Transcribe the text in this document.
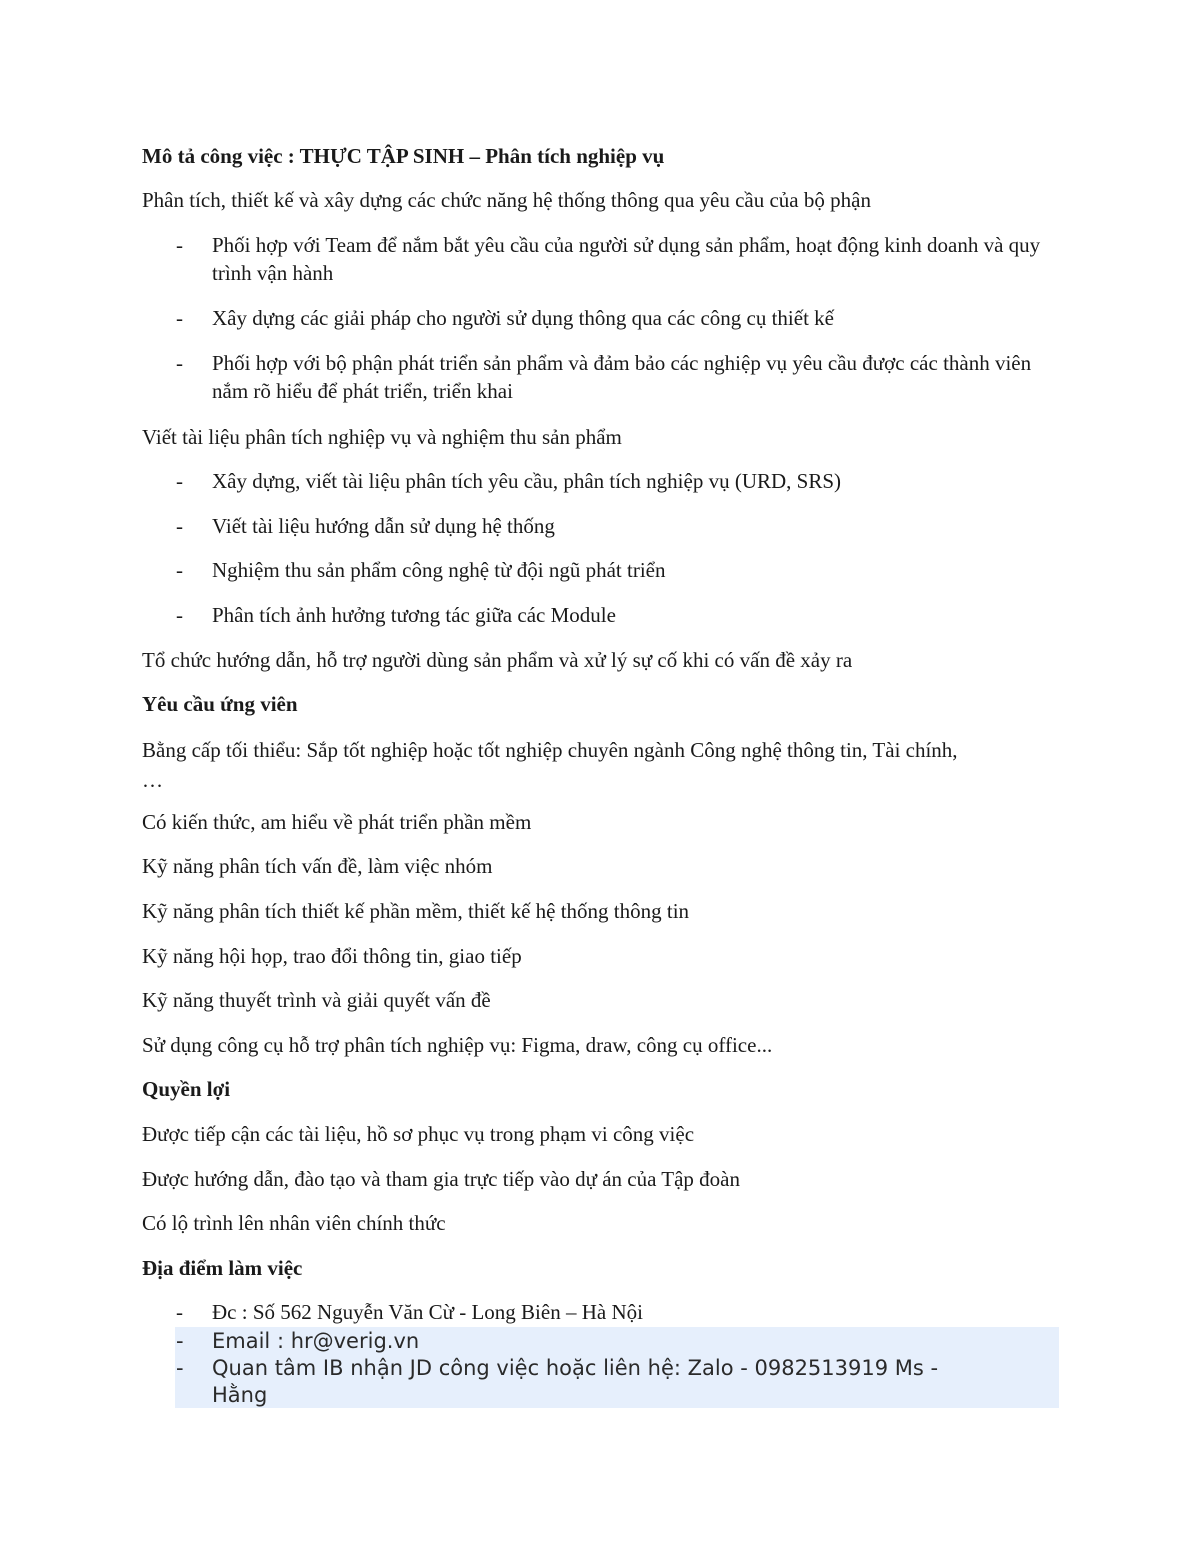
Mô tả công việc : THỰC TẬP SINH – Phân tích nghiệp vụ
Phân tích, thiết kế và xây dựng các chức năng hệ thống thông qua yêu cầu của bộ phận
- Phối hợp với Team để nắm bắt yêu cầu của người sử dụng sản phẩm, hoạt động kinh doanh và quy trình vận hành
- Xây dựng các giải pháp cho người sử dụng thông qua các công cụ thiết kế
- Phối hợp với bộ phận phát triển sản phẩm và đảm bảo các nghiệp vụ yêu cầu được các thành viên nắm rõ hiểu để phát triển, triển khai
Viết tài liệu phân tích nghiệp vụ và nghiệm thu sản phẩm
- Xây dựng, viết tài liệu phân tích yêu cầu, phân tích nghiệp vụ (URD, SRS)
- Viết tài liệu hướng dẫn sử dụng hệ thống
- Nghiệm thu sản phẩm công nghệ từ đội ngũ phát triển
- Phân tích ảnh hưởng tương tác giữa các Module
Tổ chức hướng dẫn, hỗ trợ người dùng sản phẩm và xử lý sự cố khi có vấn đề xảy ra
Yêu cầu ứng viên
Bằng cấp tối thiểu: Sắp tốt nghiệp hoặc tốt nghiệp chuyên ngành Công nghệ thông tin, Tài chính,
…
Có kiến thức, am hiểu về phát triển phần mềm
Kỹ năng phân tích vấn đề, làm việc nhóm
Kỹ năng phân tích thiết kế phần mềm, thiết kế hệ thống thông tin
Kỹ năng hội họp, trao đổi thông tin, giao tiếp
Kỹ năng thuyết trình và giải quyết vấn đề
Sử dụng công cụ hỗ trợ phân tích nghiệp vụ: Figma, draw, công cụ office...
Quyền lợi
Được tiếp cận các tài liệu, hồ sơ phục vụ trong phạm vi công việc
Được hướng dẫn, đào tạo và tham gia trực tiếp vào dự án của Tập đoàn
Có lộ trình lên nhân viên chính thức
Địa điểm làm việc
- Đc : Số 562 Nguyễn Văn Cừ - Long Biên – Hà Nội
- Email : hr@verig.vn
- Quan tâm IB nhận JD công việc hoặc liên hệ: Zalo - 0982513919 Ms -
Hằng
